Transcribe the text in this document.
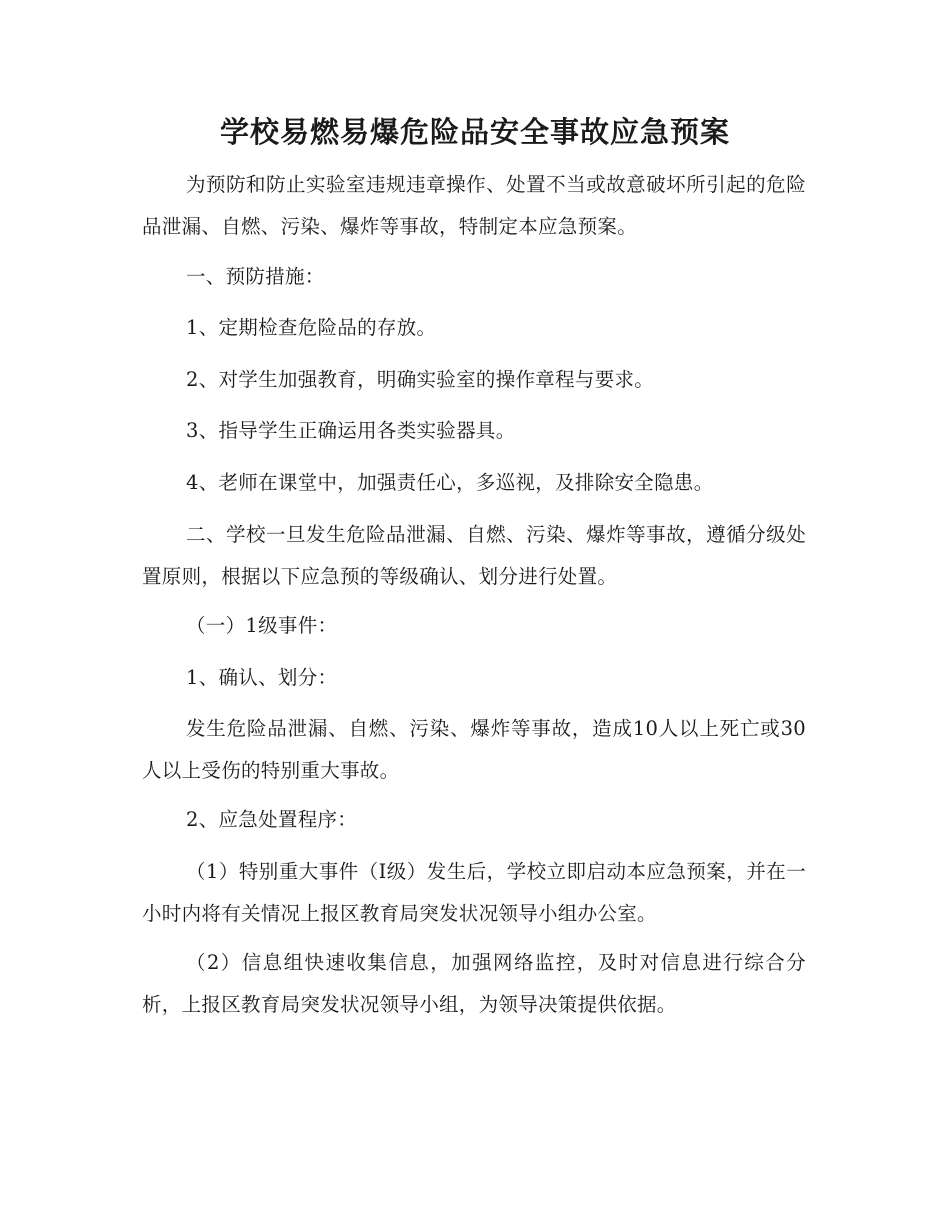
学校易燃易爆危险品安全事故应急预案
为预防和防止实验室违规违章操作、处置不当或故意破坏所引起的危险品泄漏、自燃、污染、爆炸等事故，特制定本应急预案。
一、预防措施：
1、定期检查危险品的存放。
2、对学生加强教育，明确实验室的操作章程与要求。
3、指导学生正确运用各类实验器具。
4、老师在课堂中，加强责任心，多巡视，及排除安全隐患。
二、学校一旦发生危险品泄漏、自燃、污染、爆炸等事故，遵循分级处置原则，根据以下应急预的等级确认、划分进行处置。
（一）1级事件：
1、确认、划分：
发生危险品泄漏、自燃、污染、爆炸等事故，造成10人以上死亡或30人以上受伤的特别重大事故。
2、应急处置程序：
（1）特别重大事件（Ⅰ级）发生后，学校立即启动本应急预案，并在一小时内将有关情况上报区教育局突发状况领导小组办公室。
（2）信息组快速收集信息，加强网络监控，及时对信息进行综合分析，上报区教育局突发状况领导小组，为领导决策提供依据。
